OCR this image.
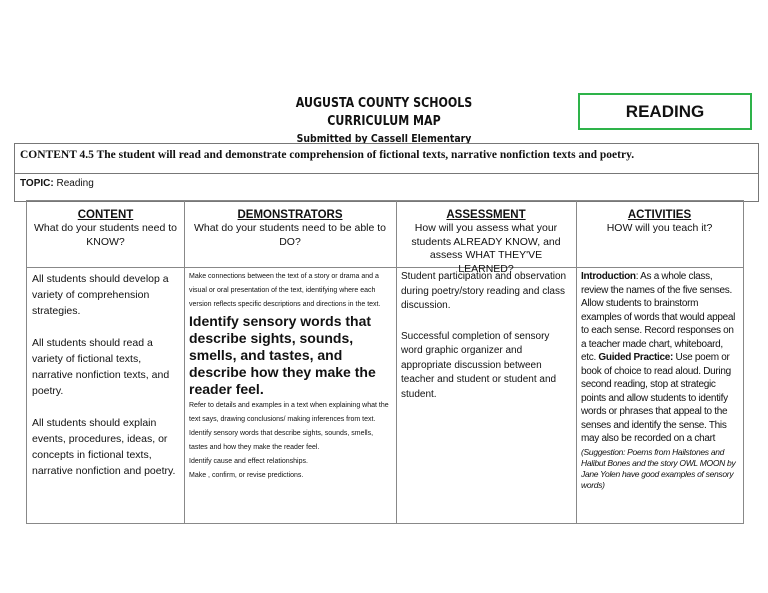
AUGUSTA COUNTY SCHOOLS
CURRICULUM MAP
Submitted by Cassell Elementary
READING
CONTENT 4.5 The student will read and demonstrate comprehension of fictional texts, narrative nonfiction texts and poetry.
TOPIC: Reading
CONTENT
What do your students need to KNOW?
DEMONSTRATORS
What do your students need to be able to DO?
ASSESSMENT
How will you assess what your students ALREADY KNOW, and assess WHAT THEY'VE LEARNED?
ACTIVITIES
HOW will you teach it?

All students should develop a variety of comprehension strategies.

All students should read a variety of fictional texts, narrative nonfiction texts, and poetry.

All students should explain events, procedures, ideas, or concepts in fictional texts, narrative nonfiction and poetry.

Make connections between the text of a story or drama and a visual or oral presentation of the text, identifying where each version reflects specific descriptions and directions in the text.
Identify sensory words that describe sights, sounds, smells, and tastes, and describe how they make the reader feel.
Refer to details and examples in a text when explaining what the text says, drawing conclusions/ making inferences from text.
Identify sensory words that describe sights, sounds, smells, tastes and how they make the reader feel.
Identify cause and effect relationships.
Make , confirm, or revise predictions.

Student participation and observation during poetry/story reading and class discussion.

Successful completion of sensory word graphic organizer and appropriate discussion between teacher and student or student and student.

Introduction: As a whole class, review the names of the five senses. Allow students to brainstorm examples of words that would appeal to each sense. Record responses on a teacher made chart, whiteboard, etc. Guided Practice: Use poem or book of choice to read aloud. During second reading, stop at strategic points and allow students to identify words or phrases that appeal to the senses and identify the sense. This may also be recorded on a chart
(Suggestion: Poems from Hailstones and Halibut Bones and the story OWL MOON by Jane Yolen have good examples of sensory words)
